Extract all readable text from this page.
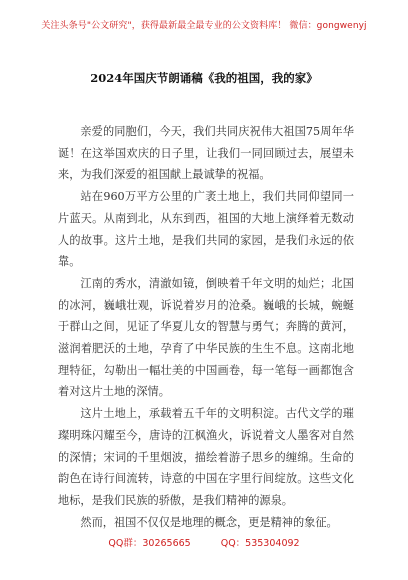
关注头条号"公文研究"，获得最新最全最专业的公文资料库！ 微信：gongwenyj
2024年国庆节朗诵稿《我的祖国，我的家》

亲爱的同胞们，今天，我们共同庆祝伟大祖国75周年华诞！在这举国欢庆的日子里，让我们一同回顾过去，展望未来，为我们深爱的祖国献上最诚挚的祝福。

站在960万平方公里的广袤土地上，我们共同仰望同一片蓝天。从南到北，从东到西，祖国的大地上演绎着无数动人的故事。这片土地，是我们共同的家园，是我们永远的依靠。

江南的秀水，清澈如镜，倒映着千年文明的灿烂；北国的冰河，巍峨壮观，诉说着岁月的沧桑。巍峨的长城，蜿蜒于群山之间，见证了华夏儿女的智慧与勇气；奔腾的黄河，滋润着肥沃的土地，孕育了中华民族的生生不息。这南北地理特征，勾勒出一幅壮美的中国画卷，每一笔每一画都饱含着对这片土地的深情。

这片土地上，承载着五千年的文明积淀。古代文学的璀璨明珠闪耀至今，唐诗的江枫渔火，诉说着文人墨客对自然的深情；宋词的千里烟波，描绘着游子思乡的缠绵。生命的韵色在诗行间流转，诗意的中国在字里行间绽放。这些文化地标，是我们民族的骄傲，是我们精神的源泉。

然而，祖国不仅仅是地理的概念，更是精神的象征。

QQ群：30265665	QQ：535304092
